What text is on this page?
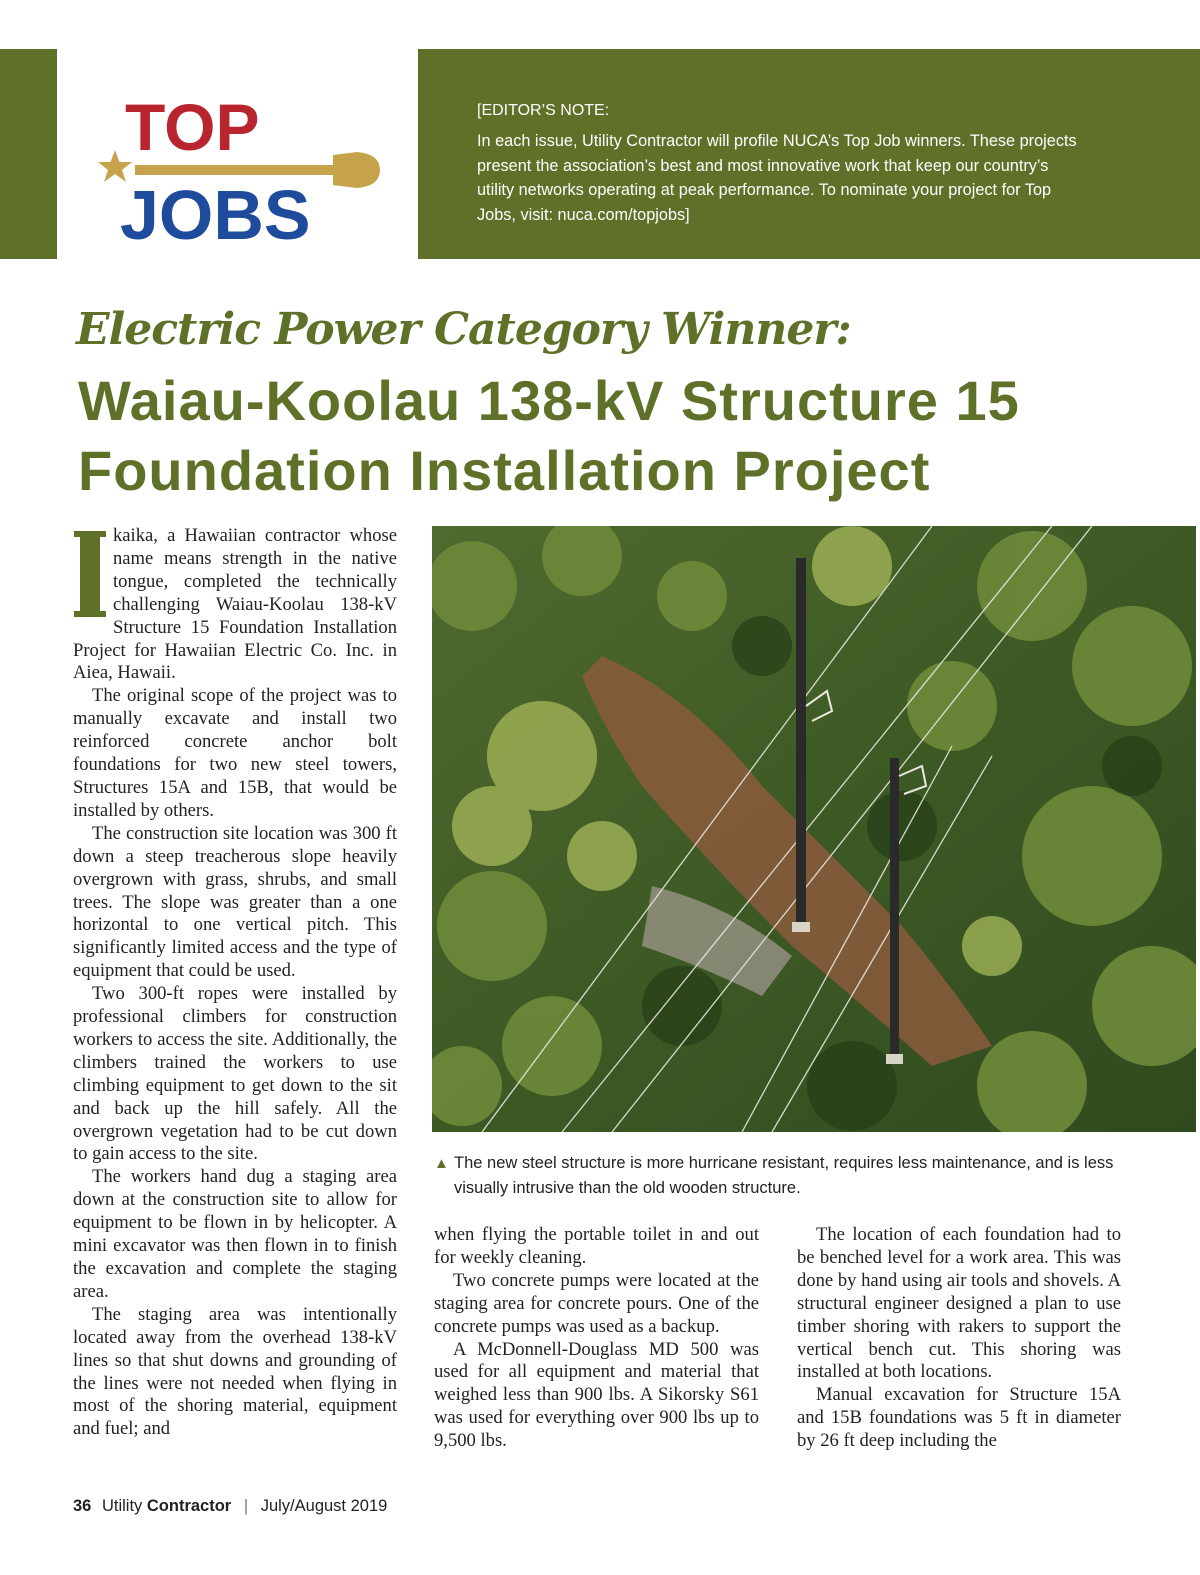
TOP
JOBS
[EDITOR’S NOTE:
In each issue, Utility Contractor will profile NUCA’s Top Job winners. These projects present the association’s best and most innovative work that keep our country’s utility networks operating at peak performance. To nominate your project for Top Jobs, visit: nuca.com/topjobs]
Electric Power Category Winner:
Waiau-Koolau 138-kV Structure 15 Foundation Installation Project

kaika, a Hawaiian contractor whose name means strength in the native tongue, completed the technically challenging Waiau-Koolau 138-kV Structure 15 Foundation Installation Project for Hawaiian Electric Co. Inc. in Aiea, Hawaii.

The original scope of the project was to manually excavate and install two reinforced concrete anchor bolt foundations for two new steel towers, Structures 15A and 15B, that would be installed by others.

The construction site location was 300 ft down a steep treacherous slope heavily overgrown with grass, shrubs, and small trees. The slope was greater than a one horizontal to one vertical pitch. This significantly limited access and the type of equipment that could be used.

Two 300-ft ropes were installed by professional climbers for construction workers to access the site. Additionally, the climbers trained the workers to use climbing equipment to get down to the sit and back up the hill safely. All the overgrown vegetation had to be cut down to gain access to the site.

The workers hand dug a staging area down at the construction site to allow for equipment to be flown in by helicopter. A mini excavator was then flown in to finish the excavation and complete the staging area.

The staging area was intentionally located away from the overhead 138-kV lines so that shut downs and grounding of the lines were not needed when flying in most of the shoring material, equipment and fuel; and

▲ The new steel structure is more hurricane resistant, requires less maintenance, and is less visually intrusive than the old wooden structure.

when flying the portable toilet in and out for weekly cleaning.

Two concrete pumps were located at the staging area for concrete pours. One of the concrete pumps was used as a backup.

A McDonnell-Douglass MD 500 was used for all equipment and material that weighed less than 900 lbs. A Sikorsky S61 was used for everything over 900 lbs up to 9,500 lbs.

The location of each foundation had to be benched level for a work area. This was done by hand using air tools and shovels. A structural engineer designed a plan to use timber shoring with rakers to support the vertical bench cut. This shoring was installed at both locations.

Manual excavation for Structure 15A and 15B foundations was 5 ft in diameter by 26 ft deep including the

36 Utility Contractor | July/August 2019
